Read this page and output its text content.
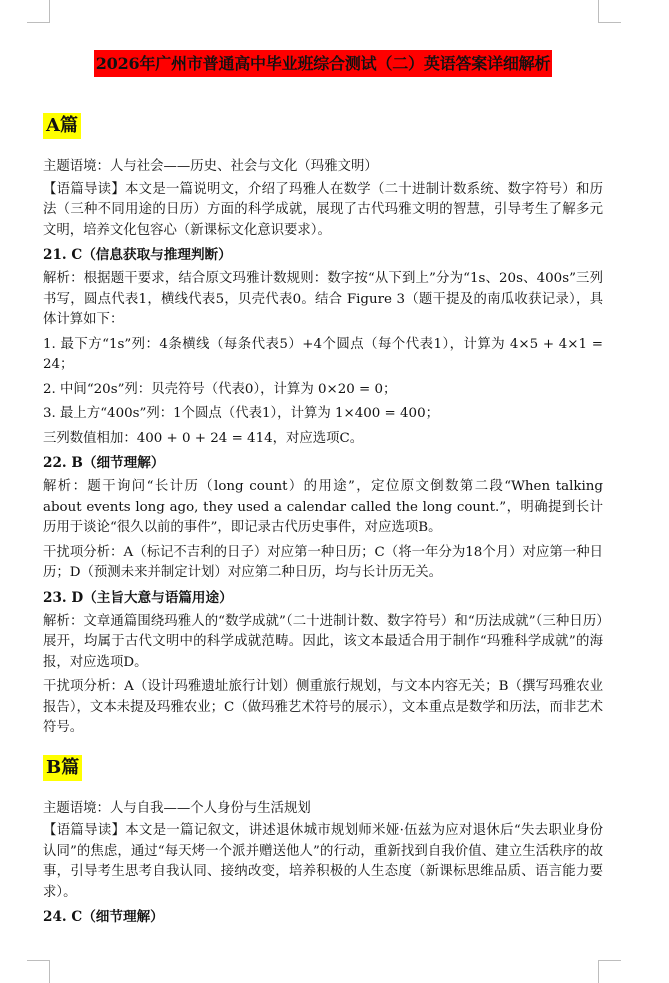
2026年广州市普通高中毕业班综合测试（二）英语答案详细解析
A篇

主题语境：人与社会——历史、社会与文化（玛雅文明）

【语篇导读】本文是一篇说明文，介绍了玛雅人在数学（二十进制计数系统、数字符号）和历法（三种不同用途的日历）方面的科学成就，展现了古代玛雅文明的智慧，引导考生了解多元文明，培养文化包容心（新课标文化意识要求）。

21. C（信息获取与推理判断）

解析：根据题干要求，结合原文玛雅计数规则：数字按“从下到上”分为“1s、20s、400s”三列书写，圆点代表1，横线代表5，贝壳代表0。结合 Figure 3（题干提及的南瓜收获记录），具体计算如下：

1. 最下方“1s”列：4条横线（每条代表5）+4个圆点（每个代表1），计算为 4×5 + 4×1 = 24；

2. 中间“20s”列：贝壳符号（代表0），计算为 0×20 = 0；

3. 最上方“400s”列：1个圆点（代表1），计算为 1×400 = 400；

三列数值相加：400 + 0 + 24 = 414，对应选项C。

22. B（细节理解）

解析：题干询问“长计历（long count）的用途”，定位原文倒数第二段“When talking about events long ago, they used a calendar called the long count.”，明确提到长计历用于谈论“很久以前的事件”，即记录古代历史事件，对应选项B。

干扰项分析：A（标记不吉利的日子）对应第一种日历；C（将一年分为18个月）对应第一种日历；D（预测未来并制定计划）对应第二种日历，均与长计历无关。

23. D（主旨大意与语篇用途）

解析：文章通篇围绕玛雅人的“数学成就”（二十进制计数、数字符号）和“历法成就”（三种日历）展开，均属于古代文明中的科学成就范畴。因此，该文本最适合用于制作“玛雅科学成就”的海报，对应选项D。

干扰项分析：A（设计玛雅遗址旅行计划）侧重旅行规划，与文本内容无关；B（撰写玛雅农业报告），文本未提及玛雅农业；C（做玛雅艺术符号的展示），文本重点是数学和历法，而非艺术符号。

B篇

主题语境：人与自我——个人身份与生活规划

【语篇导读】本文是一篇记叙文，讲述退休城市规划师米娅·伍兹为应对退休后“失去职业身份认同”的焦虑，通过“每天烤一个派并赠送他人”的行动，重新找到自我价值、建立生活秩序的故事，引导考生思考自我认同、接纳改变，培养积极的人生态度（新课标思维品质、语言能力要求）。

24. C（细节理解）
